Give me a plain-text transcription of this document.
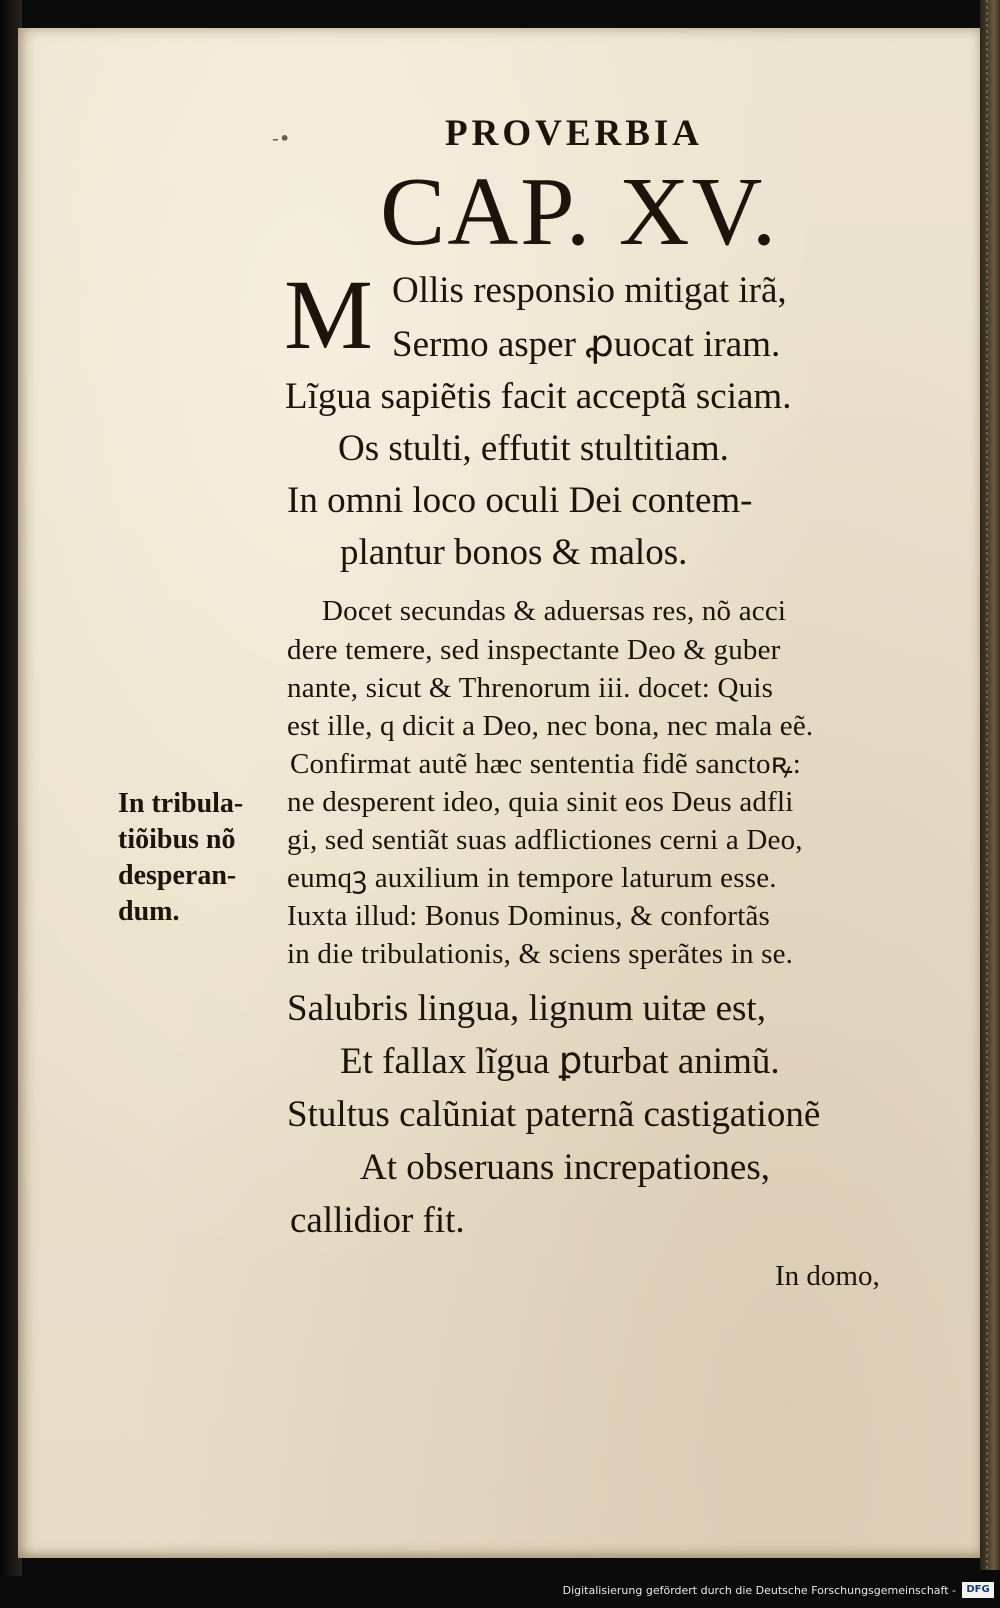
-•	PROVERBIA
CAP. XV.
M Ollis responsio mitigat irã,
Sermo asper ꝓuocat iram.
Lĩgua sapiẽtis facit acceptã sciam.
Os stulti, effutit stultitiam.
In omni loco oculi Dei contem-
plantur bonos & malos.
Docet secundas & aduersas res, nõ acci
dere temere, sed inspectante Deo & guber
nante, sicut & Threnorum iii. docet: Quis
est ille, q dicit a Deo, nec bona, nec mala eẽ.
Confirmat autẽ hæc sententia fidẽ sanctoꝶ:
ne desperent ideo, quia sinit eos Deus adfli
gi, sed sentiãt suas adflictiones cerni a Deo,
eumqꝫ auxilium in tempore laturum esse.
Iuxta illud: Bonus Dominus, & confortãs
in die tribulationis, & sciens sperãtes in se.
In tribula-
tiõibus nõ
desperan-
dum.
Salubris lingua, lignum uitæ est,
Et fallax lĩgua ꝑturbat animũ.
Stultus calũniat paternã castigationẽ
At obseruans increpationes,
callidior fit.
In domo,
Digitalisierung gefördert durch die Deutsche Forschungsgemeinschaft -	DFG
